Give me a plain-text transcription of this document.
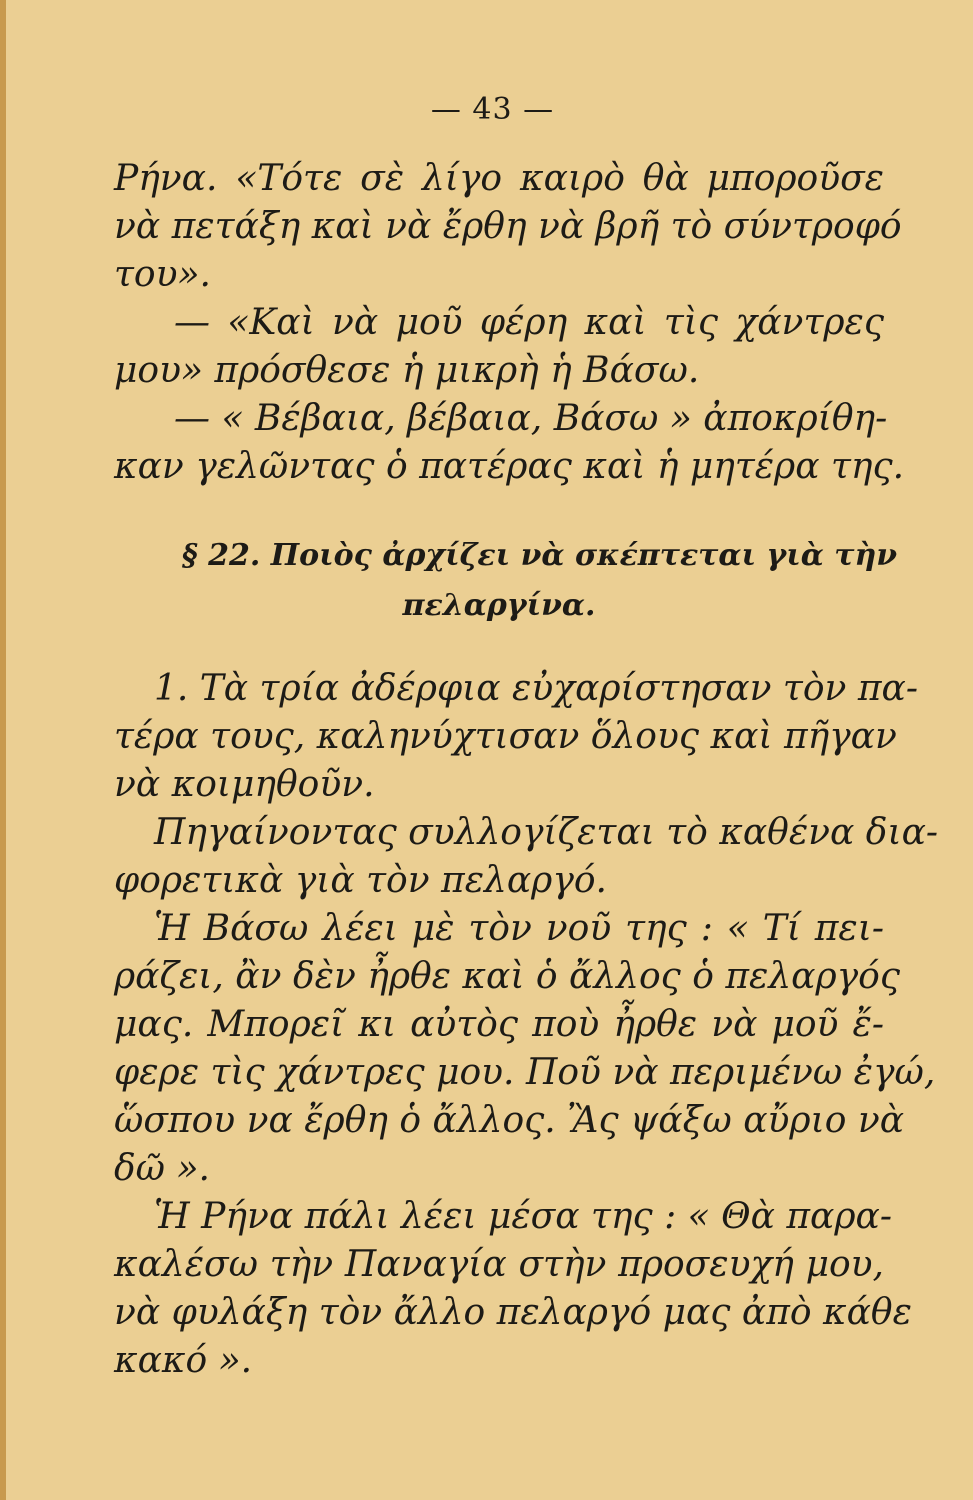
— 43 —
Ρήνα. «Τότε σὲ λίγο καιρὸ θὰ μποροῦσε
νὰ πετάξη καὶ νὰ ἔρθη νὰ βρῆ τὸ σύντροφό
του».
— «Καὶ νὰ μοῦ φέρη καὶ τὶς χάντρες
μου» πρόσθεσε ἡ μικρὴ ἡ Βάσω.
— « Βέβαια, βέβαια, Βάσω » ἀποκρίθη-
καν γελῶντας ὁ πατέρας καὶ ἡ μητέρα της.
§ 22. Ποιὸς ἀρχίζει νὰ σκέπτεται γιὰ τὴν
πελαργίνα.
1. Τὰ τρία ἀδέρφια εὐχαρίστησαν τὸν πα-
τέρα τους, καληνύχτισαν ὅλους καὶ πῆγαν
νὰ κοιμηθοῦν.
Πηγαίνοντας συλλογίζεται τὸ καθένα δια-
φορετικὰ γιὰ τὸν πελαργό.
Ἡ Βάσω λέει μὲ τὸν νοῦ της : « Τί πει-
ράζει, ἂν δὲν ἦρθε καὶ ὁ ἄλλος ὁ πελαργός
μας. Μπορεῖ κι αὐτὸς ποὺ ἦρθε νὰ μοῦ ἔ-
φερε τὶς χάντρες μου. Ποῦ νὰ περιμένω ἐγώ,
ὥσπου να ἔρθη ὁ ἄλλος. Ἂς ψάξω αὔριο νὰ
δῶ ».
Ἡ Ρήνα πάλι λέει μέσα της : « Θὰ παρα-
καλέσω τὴν Παναγία στὴν προσευχή μου,
νὰ φυλάξη τὸν ἄλλο πελαργό μας ἀπὸ κάθε
κακό ».
